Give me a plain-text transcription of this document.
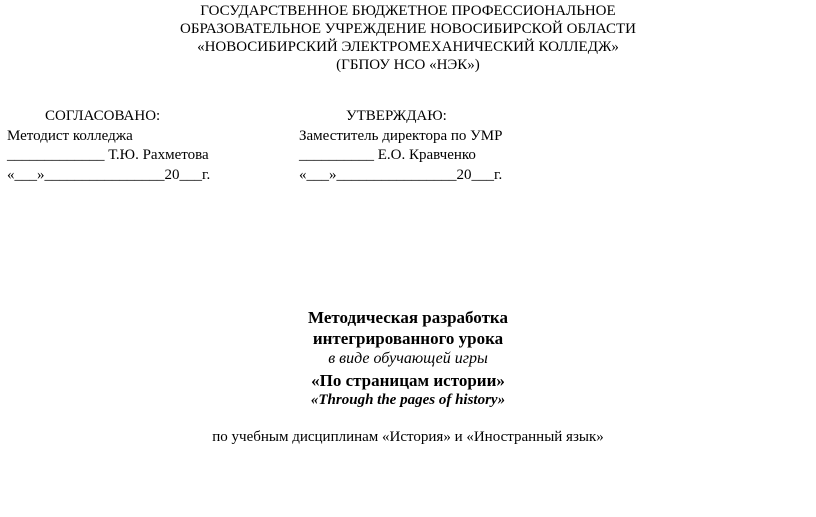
ГОСУДАРСТВЕННОЕ БЮДЖЕТНОЕ ПРОФЕССИОНАЛЬНОЕ
ОБРАЗОВАТЕЛЬНОЕ УЧРЕЖДЕНИЕ НОВОСИБИРСКОЙ ОБЛАСТИ
«НОВОСИБИРСКИЙ ЭЛЕКТРОМЕХАНИЧЕСКИЙ КОЛЛЕДЖ»
(ГБПОУ НСО «НЭК»)
СОГЛАСОВАНО:
Методист колледжа
_____________ Т.Ю. Рахметова
«___»________________20___г.
УТВЕРЖДАЮ:
Заместитель директора по УМР
__________ Е.О. Кравченко
«___»________________20___г.
Методическая разработка
интегрированного урока
в виде обучающей игры
«По страницам истории»
«Through the pages of history»
по учебным дисциплинам «История» и «Иностранный язык»
